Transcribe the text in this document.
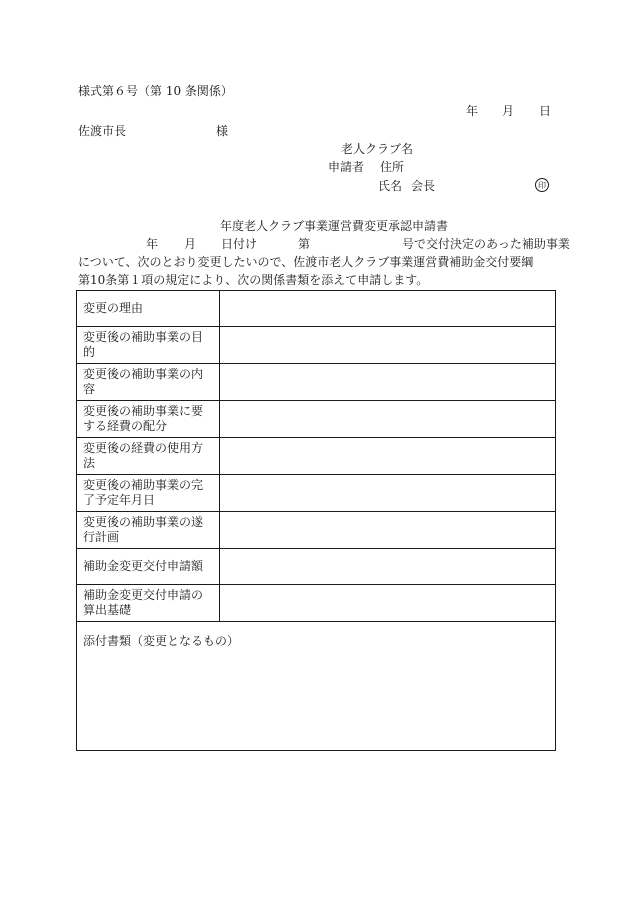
様式第６号（第 10 条関係）
年 月 日
佐渡市長	様
老人クラブ名
申請者 住所
氏名 会長	印
年度老人クラブ事業運営費変更承認申請書
年 月 日付け	第	号で交付決定のあった補助事業
について、次のとおり変更したいので、佐渡市老人クラブ事業運営費補助金交付要綱
第10条第１項の規定により、次の関係書類を添えて申請します。
変更の理由	
変更後の補助事業の目的	
変更後の補助事業の内容	
変更後の補助事業に要する経費の配分	
変更後の経費の使用方法	
変更後の補助事業の完了予定年月日	
変更後の補助事業の遂行計画	
補助金変更交付申請額	
補助金変更交付申請の算出基礎	
添付書類（変更となるもの）	
